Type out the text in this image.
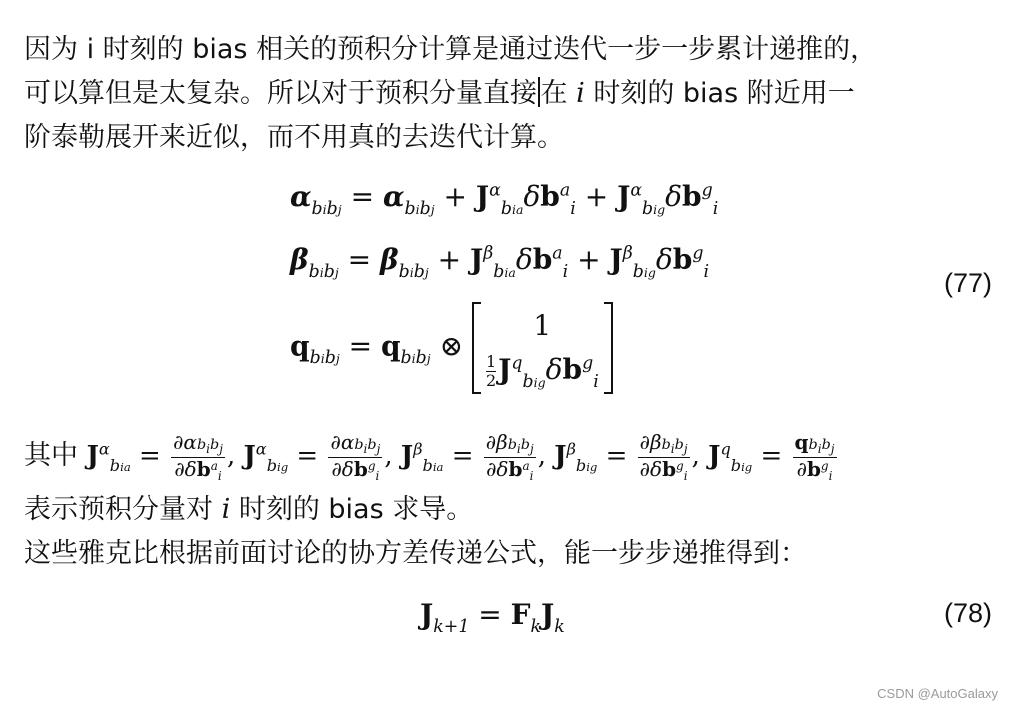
因为 i 时刻的 bias 相关的预积分计算是通过迭代一步一步累计递推的，
可以算但是太复杂。所以对于预积分量直接 在 i 时刻的 bias 附近用一
阶泰勒展开来近似，而不用真的去迭代计算。
$\alpha_{bibj} = \alpha_{bibj} + J^\alpha_{bia}\delta b^a_i + J^\alpha_{big}\delta b^g_i$
$\beta_{bibj} = \beta_{bibj} + J^\beta_{bia}\delta b^a_i + J^\beta_{big}\delta b^g_i$
$q_{bibj} = q_{bibj}$ ⊗
1
$\frac{1}{2} J^q_{big}\delta b^g_i$
(77)
其中 $J^\alpha_{bia} = \frac{\partial\alpha b_ib_j}{\partial\delta b^a_i}$ , $J^\alpha_{big} = \frac{\partial\alpha b_ib_j}{\partial\delta b^g_i}$ , $J^\beta_{bia} = \frac{\partial\beta b_ib_j}{\partial\delta b^a_i}$ , $J^\beta_{big} = \frac{\partial\beta b_ib_j}{\partial\delta b^g_i}$ , $J^q_{big} = \frac{qb_ib_j}{\partial b^g_i}$
表示预积分量对 i 时刻的 bias 求导。
这些雅克比根据前面讨论的协方差传递公式，能一步步递推得到：
$J_{k+1} = F_kJ_k$	(78)
CSDN @AutoGalaxy
